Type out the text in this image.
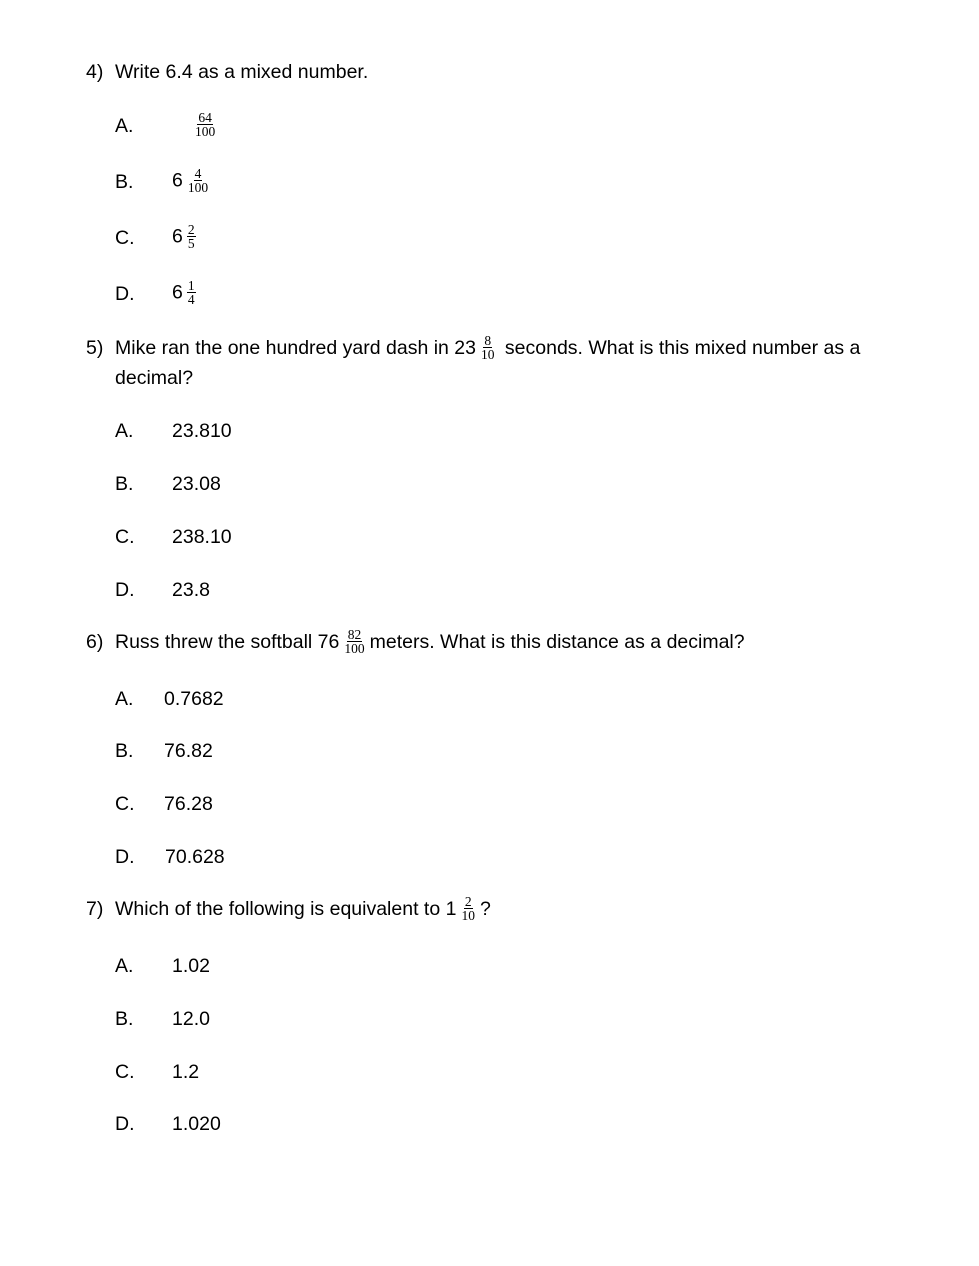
4) Write 6.4 as a mixed number.
A.	$\frac{64}{100}$
B. $6 \frac{4}{100}$
C. $6 \frac{2}{5}$
D. $6 \frac{1}{4}$
5) Mike ran the one hundred yard dash in $23 \frac{8}{10}$ seconds. What is this mixed number as a
decimal?
A. 23.810
B. 23.08
C. 238.10
D. 23.8
6) Russ threw the softball $76 \frac{82}{100}$ meters. What is this distance as a decimal?
A. 0.7682
B. 76.82
C. 76.28
D. 70.628
7) Which of the following is equivalent to $1 \frac{2}{10}$ ?
A. 1.02
B. 12.0
C. 1.2
D. 1.020
